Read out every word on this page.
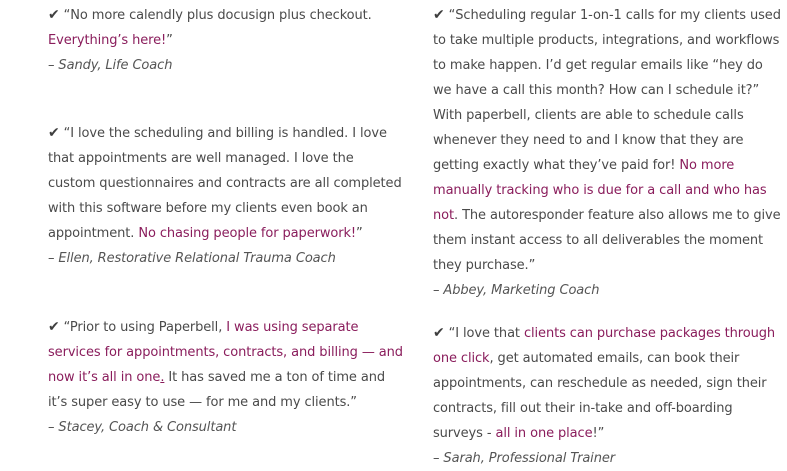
✔ “No more calendly plus docusign plus checkout. Everything’s here!”

– Sandy, Life Coach

✔ “I love the scheduling and billing is handled. I love that appointments are well managed. I love the custom questionnaires and contracts are all completed with this software before my clients even book an appointment. No chasing people for paperwork!”

– Ellen, Restorative Relational Trauma Coach

✔ “Prior to using Paperbell, I was using separate services for appointments, contracts, and billing — and now it’s all in one. It has saved me a ton of time and it’s super easy to use — for me and my clients.”

– Stacey, Coach & Consultant

✔ “Scheduling regular 1-on-1 calls for my clients used to take multiple products, integrations, and workflows to make happen. I’d get regular emails like “hey do we have a call this month? How can I schedule it?” With paperbell, clients are able to schedule calls whenever they need to and I know that they are getting exactly what they’ve paid for! No more manually tracking who is due for a call and who has not. The autoresponder feature also allows me to give them instant access to all deliverables the moment they purchase.”

– Abbey, Marketing Coach

✔ “I love that clients can purchase packages through one click, get automated emails, can book their appointments, can reschedule as needed, sign their contracts, fill out their in-take and off-boarding surveys - all in one place!”

– Sarah, Professional Trainer
